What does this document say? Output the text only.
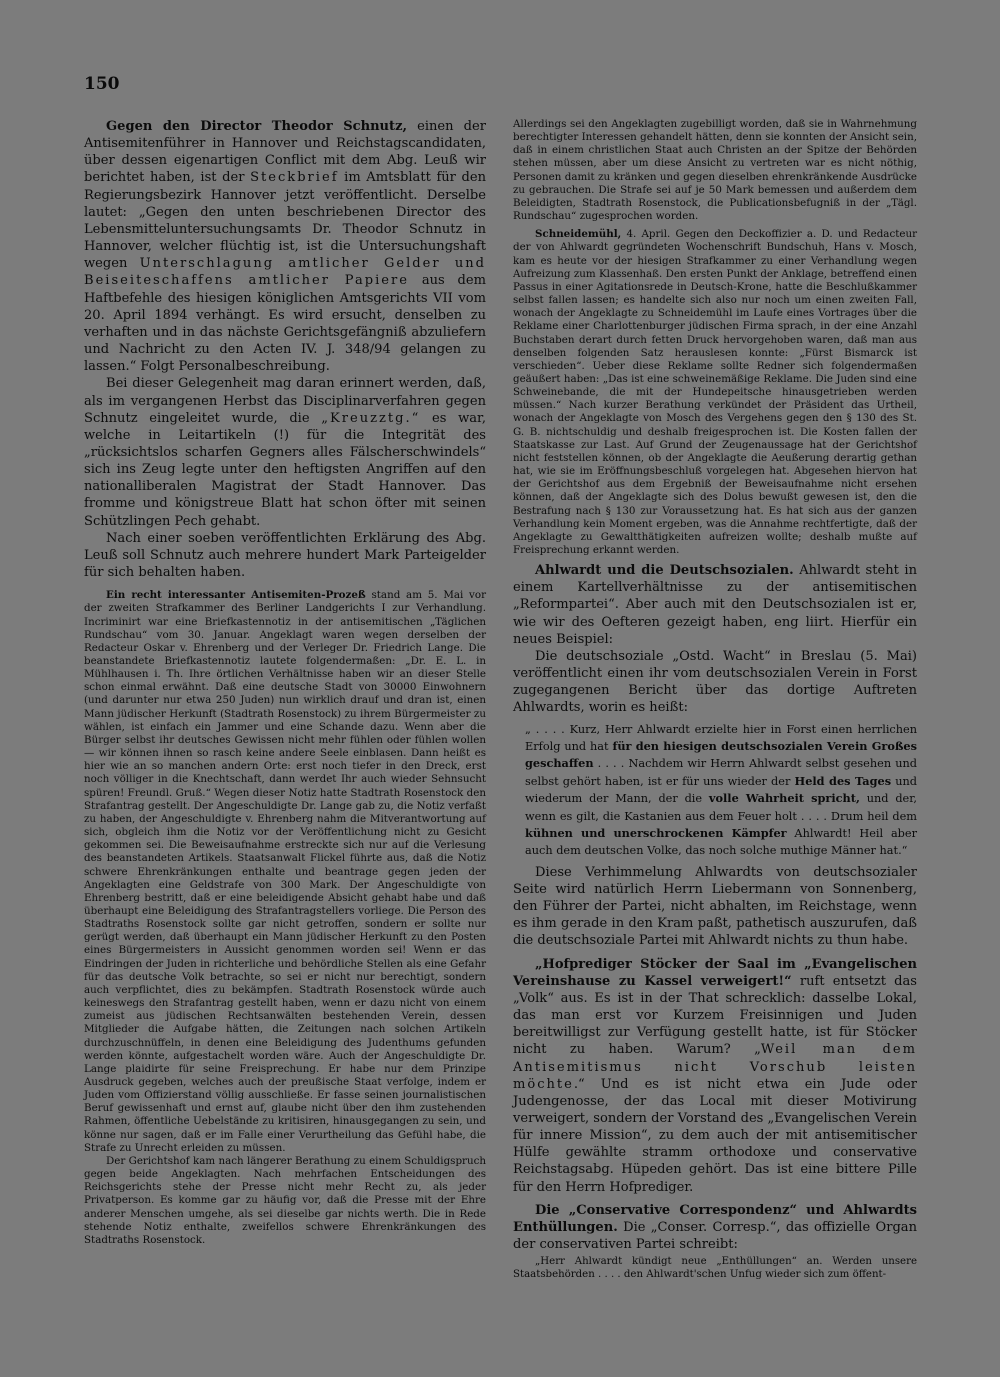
150

Gegen den Director Theodor Schnutz, einen der Antisemitenführer in Hannover und Reichstagscandidaten, über dessen eigenartigen Conflict mit dem Abg. Leuß wir berichtet haben, ist der Steckbrief im Amtsblatt für den Regierungsbezirk Hannover jetzt veröffentlicht. Derselbe lautet: „Gegen den unten beschriebenen Director des Lebensmitteluntersuchungsamts Dr. Theodor Schnutz in Hannover, welcher flüchtig ist, ist die Untersuchungshaft wegen Unterschlagung amtlicher Gelder und Beiseiteschaffens amtlicher Papiere aus dem Haftbefehle des hiesigen königlichen Amtsgerichts VII vom 20. April 1894 verhängt. Es wird ersucht, denselben zu verhaften und in das nächste Gerichtsgefängniß abzuliefern und Nachricht zu den Acten IV. J. 348/94 gelangen zu lassen.“ Folgt Personalbeschreibung.

Bei dieser Gelegenheit mag daran erinnert werden, daß, als im vergangenen Herbst das Disciplinarverfahren gegen Schnutz eingeleitet wurde, die „Kreuzztg.“ es war, welche in Leitartikeln (!) für die Integrität des „rücksichtslos scharfen Gegners alles Fälscherschwindels“ sich ins Zeug legte unter den heftigsten Angriffen auf den nationalliberalen Magistrat der Stadt Hannover. Das fromme und königstreue Blatt hat schon öfter mit seinen Schützlingen Pech gehabt.

Nach einer soeben veröffentlichten Erklärung des Abg. Leuß soll Schnutz auch mehrere hundert Mark Parteigelder für sich behalten haben.

Ein recht interessanter Antisemiten-Prozeß stand am 5. Mai vor der zweiten Strafkammer des Berliner Landgerichts I zur Verhandlung. Incriminirt war eine Briefkastennotiz in der antisemitischen „Täglichen Rundschau“ vom 30. Januar. Angeklagt waren wegen derselben der Redacteur Oskar v. Ehrenberg und der Verleger Dr. Friedrich Lange. Die beanstandete Briefkastennotiz lautete folgendermaßen: „Dr. E. L. in Mühlhausen i. Th. Ihre örtlichen Verhältnisse haben wir an dieser Stelle schon einmal erwähnt. Daß eine deutsche Stadt von 30000 Einwohnern (und darunter nur etwa 250 Juden) nun wirklich drauf und dran ist, einen Mann jüdischer Herkunft (Stadtrath Rosenstock) zu ihrem Bürgermeister zu wählen, ist einfach ein Jammer und eine Schande dazu. Wenn aber die Bürger selbst ihr deutsches Gewissen nicht mehr fühlen oder fühlen wollen — wir können ihnen so rasch keine andere Seele einblasen. Dann heißt es hier wie an so manchen andern Orte: erst noch tiefer in den Dreck, erst noch völliger in die Knechtschaft, dann werdet Ihr auch wieder Sehnsucht spüren! Freundl. Gruß.“ Wegen dieser Notiz hatte Stadtrath Rosenstock den Strafantrag gestellt. Der Angeschuldigte Dr. Lange gab zu, die Notiz verfaßt zu haben, der Angeschuldigte v. Ehrenberg nahm die Mitverantwortung auf sich, obgleich ihm die Notiz vor der Veröffentlichung nicht zu Gesicht gekommen sei. Die Beweisaufnahme erstreckte sich nur auf die Verlesung des beanstandeten Artikels. Staatsanwalt Flickel führte aus, daß die Notiz schwere Ehrenkränkungen enthalte und beantrage gegen jeden der Angeklagten eine Geldstrafe von 300 Mark. Der Angeschuldigte von Ehrenberg bestritt, daß er eine beleidigende Absicht gehabt habe und daß überhaupt eine Beleidigung des Strafantragstellers vorliege. Die Person des Stadtraths Rosenstock sollte gar nicht getroffen, sondern er sollte nur gerügt werden, daß überhaupt ein Mann jüdischer Herkunft zu den Posten eines Bürgermeisters in Aussicht genommen worden sei! Wenn er das Eindringen der Juden in richterliche und behördliche Stellen als eine Gefahr für das deutsche Volk betrachte, so sei er nicht nur berechtigt, sondern auch verpflichtet, dies zu bekämpfen. Stadtrath Rosenstock würde auch keineswegs den Strafantrag gestellt haben, wenn er dazu nicht von einem zumeist aus jüdischen Rechtsanwälten bestehenden Verein, dessen Mitglieder die Aufgabe hätten, die Zeitungen nach solchen Artikeln durchzuschnüffeln, in denen eine Beleidigung des Judenthums gefunden werden könnte, aufgestachelt worden wäre. Auch der Angeschuldigte Dr. Lange plaidirte für seine Freisprechung. Er habe nur dem Prinzipe Ausdruck gegeben, welches auch der preußische Staat verfolge, indem er Juden vom Offizierstand völlig ausschließe. Er fasse seinen journalistischen Beruf gewissenhaft und ernst auf, glaube nicht über den ihm zustehenden Rahmen, öffentliche Uebelstände zu kritisiren, hinausgegangen zu sein, und könne nur sagen, daß er im Falle einer Verurtheilung das Gefühl habe, die Strafe zu Unrecht erleiden zu müssen.

Der Gerichtshof kam nach längerer Berathung zu einem Schuldigspruch gegen beide Angeklagten. Nach mehrfachen Entscheidungen des Reichsgerichts stehe der Presse nicht mehr Recht zu, als jeder Privatperson. Es komme gar zu häufig vor, daß die Presse mit der Ehre anderer Menschen umgehe, als sei dieselbe gar nichts werth. Die in Rede stehende Notiz enthalte, zweifellos schwere Ehrenkränkungen des Stadtraths Rosenstock.

Allerdings sei den Angeklagten zugebilligt worden, daß sie in Wahrnehmung berechtigter Interessen gehandelt hätten, denn sie konnten der Ansicht sein, daß in einem christlichen Staat auch Christen an der Spitze der Behörden stehen müssen, aber um diese Ansicht zu vertreten war es nicht nöthig, Personen damit zu kränken und gegen dieselben ehrenkränkende Ausdrücke zu gebrauchen. Die Strafe sei auf je 50 Mark bemessen und außerdem dem Beleidigten, Stadtrath Rosenstock, die Publicationsbefugniß in der „Tägl. Rundschau“ zugesprochen worden.

Schneidemühl, 4. April. Gegen den Deckoffizier a. D. und Redacteur der von Ahlwardt gegründeten Wochenschrift Bundschuh, Hans v. Mosch, kam es heute vor der hiesigen Strafkammer zu einer Verhandlung wegen Aufreizung zum Klassenhaß. Den ersten Punkt der Anklage, betreffend einen Passus in einer Agitationsrede in Deutsch-Krone, hatte die Beschlußkammer selbst fallen lassen; es handelte sich also nur noch um einen zweiten Fall, wonach der Angeklagte zu Schneidemühl im Laufe eines Vortrages über die Reklame einer Charlottenburger jüdischen Firma sprach, in der eine Anzahl Buchstaben derart durch fetten Druck hervorgehoben waren, daß man aus denselben folgenden Satz herauslesen konnte: „Fürst Bismarck ist verschieden“. Ueber diese Reklame sollte Redner sich folgendermaßen geäußert haben: „Das ist eine schweinemäßige Reklame. Die Juden sind eine Schweinebande, die mit der Hundepeitsche hinausgetrieben werden müssen.“ Nach kurzer Berathung verkündet der Präsident das Urtheil, wonach der Angeklagte von Mosch des Vergehens gegen den § 130 des St. G. B. nichtschuldig und deshalb freigesprochen ist. Die Kosten fallen der Staatskasse zur Last. Auf Grund der Zeugenaussage hat der Gerichtshof nicht feststellen können, ob der Angeklagte die Aeußerung derartig gethan hat, wie sie im Eröffnungsbeschluß vorgelegen hat. Abgesehen hiervon hat der Gerichtshof aus dem Ergebniß der Beweisaufnahme nicht ersehen können, daß der Angeklagte sich des Dolus bewußt gewesen ist, den die Bestrafung nach § 130 zur Voraussetzung hat. Es hat sich aus der ganzen Verhandlung kein Moment ergeben, was die Annahme rechtfertigte, daß der Angeklagte zu Gewaltthätigkeiten aufreizen wollte; deshalb mußte auf Freisprechung erkannt werden.

Ahlwardt und die Deutschsozialen. Ahlwardt steht in einem Kartellverhältnisse zu der antisemitischen „Reformpartei“. Aber auch mit den Deutschsozialen ist er, wie wir des Oefteren gezeigt haben, eng liirt. Hierfür ein neues Beispiel:

Die deutschsoziale „Ostd. Wacht“ in Breslau (5. Mai) veröffentlicht einen ihr vom deutschsozialen Verein in Forst zugegangenen Bericht über das dortige Auftreten Ahlwardts, worin es heißt:

„ . . . . Kurz, Herr Ahlwardt erzielte hier in Forst einen herrlichen Erfolg und hat für den hiesigen deutschsozialen Verein Großes geschaffen . . . . Nachdem wir Herrn Ahlwardt selbst gesehen und selbst gehört haben, ist er für uns wieder der Held des Tages und wiederum der Mann, der die volle Wahrheit spricht, und der, wenn es gilt, die Kastanien aus dem Feuer holt . . . . Drum heil dem kühnen und unerschrockenen Kämpfer Ahlwardt! Heil aber auch dem deutschen Volke, das noch solche muthige Männer hat.“

Diese Verhimmelung Ahlwardts von deutschsozialer Seite wird natürlich Herrn Liebermann von Sonnenberg, den Führer der Partei, nicht abhalten, im Reichstage, wenn es ihm gerade in den Kram paßt, pathetisch auszurufen, daß die deutschsoziale Partei mit Ahlwardt nichts zu thun habe.

„Hofprediger Stöcker der Saal im „Evangelischen Vereinshause zu Kassel verweigert!“ ruft entsetzt das „Volk“ aus. Es ist in der That schrecklich: dasselbe Lokal, das man erst vor Kurzem Freisinnigen und Juden bereitwilligst zur Verfügung gestellt hatte, ist für Stöcker nicht zu haben. Warum? „Weil man dem Antisemitismus nicht Vorschub leisten möchte.“ Und es ist nicht etwa ein Jude oder Judengenosse, der das Local mit dieser Motivirung verweigert, sondern der Vorstand des „Evangelischen Verein für innere Mission“, zu dem auch der mit antisemitischer Hülfe gewählte stramm orthodoxe und conservative Reichstagsabg. Hüpeden gehört. Das ist eine bittere Pille für den Herrn Hofprediger.

Die „Conservative Correspondenz“ und Ahlwardts Enthüllungen. Die „Conser. Corresp.“, das offizielle Organ der conservativen Partei schreibt:

„Herr Ahlwardt kündigt neue „Enthüllungen“ an. Werden unsere Staatsbehörden . . . . den Ahlwardt'schen Unfug wieder sich zum öffent-
